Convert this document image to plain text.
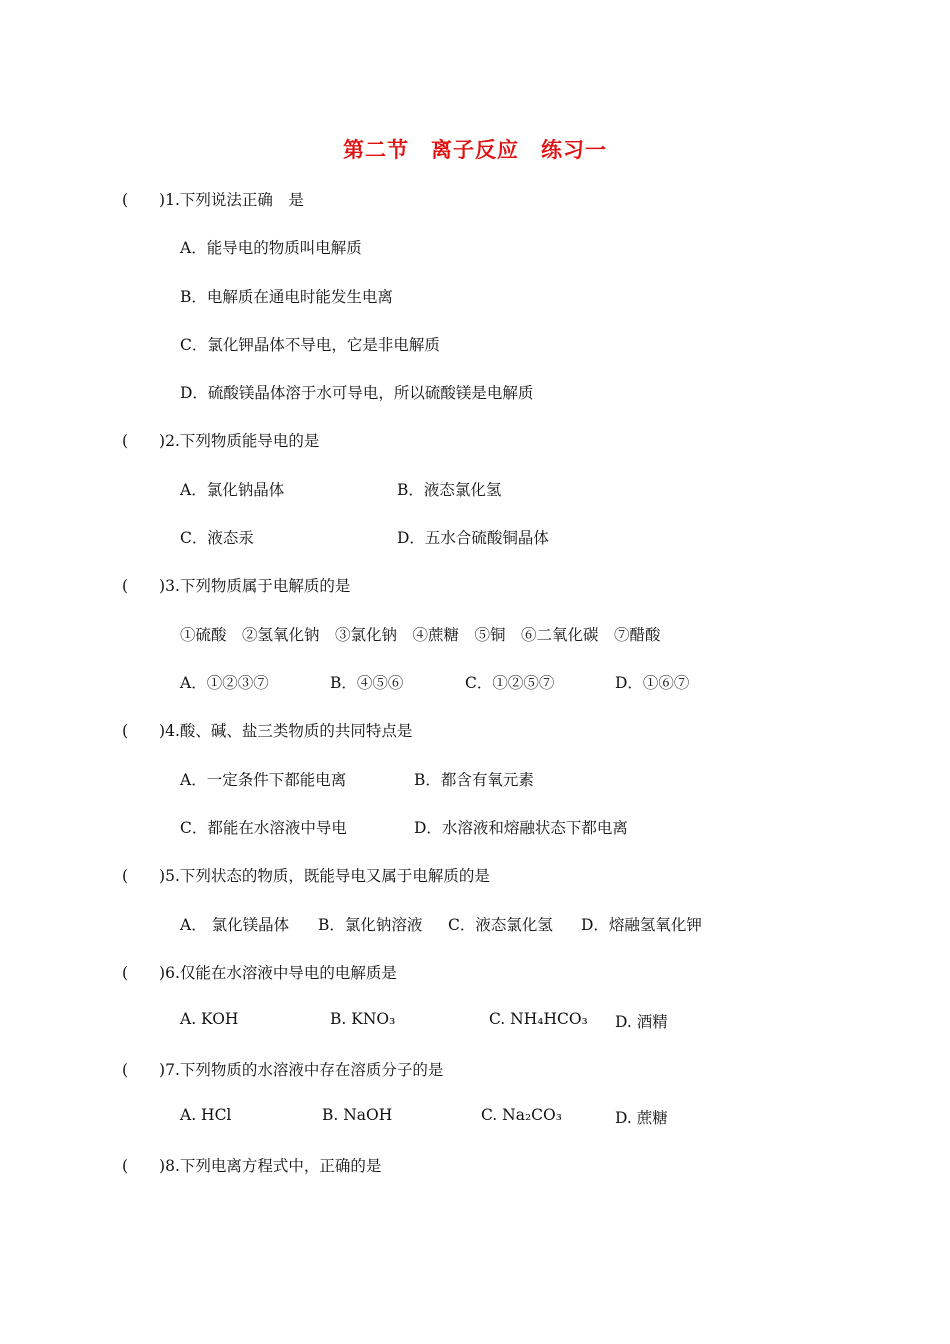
第二节　离子反应　练习一
(　　)1.下列说法正确　是
A．能导电的物质叫电解质
B．电解质在通电时能发生电离
C．氯化钾晶体不导电，它是非电解质
D．硫酸镁晶体溶于水可导电，所以硫酸镁是电解质
(　　)2.下列物质能导电的是
A．氯化钠晶体	B．液态氯化氢
C．液态汞	D．五水合硫酸铜晶体
(　　)3.下列物质属于电解质的是
①硫酸　②氢氧化钠　③氯化钠　④蔗糖　⑤铜　⑥二氧化碳　⑦醋酸
A．①②③⑦	B．④⑤⑥	C．①②⑤⑦	D．①⑥⑦
(　　)4.酸、碱、盐三类物质的共同特点是
A．一定条件下都能电离	B．都含有氧元素
C．都能在水溶液中导电	D．水溶液和熔融状态下都电离
(　　)5.下列状态的物质，既能导电又属于电解质的是
A． 氯化镁晶体 B．氯化钠溶液 C．液态氯化氢 D．熔融氢氧化钾
(　　)6.仅能在水溶液中导电的电解质是
A. KOH	B. KNO₃	C. NH₄HCO₃ D. 酒精
(　　)7.下列物质的水溶液中存在溶质分子的是
A. HCl	B. NaOH	C. Na₂CO₃	D. 蔗糖
(　　)8.下列电离方程式中，正确的是
